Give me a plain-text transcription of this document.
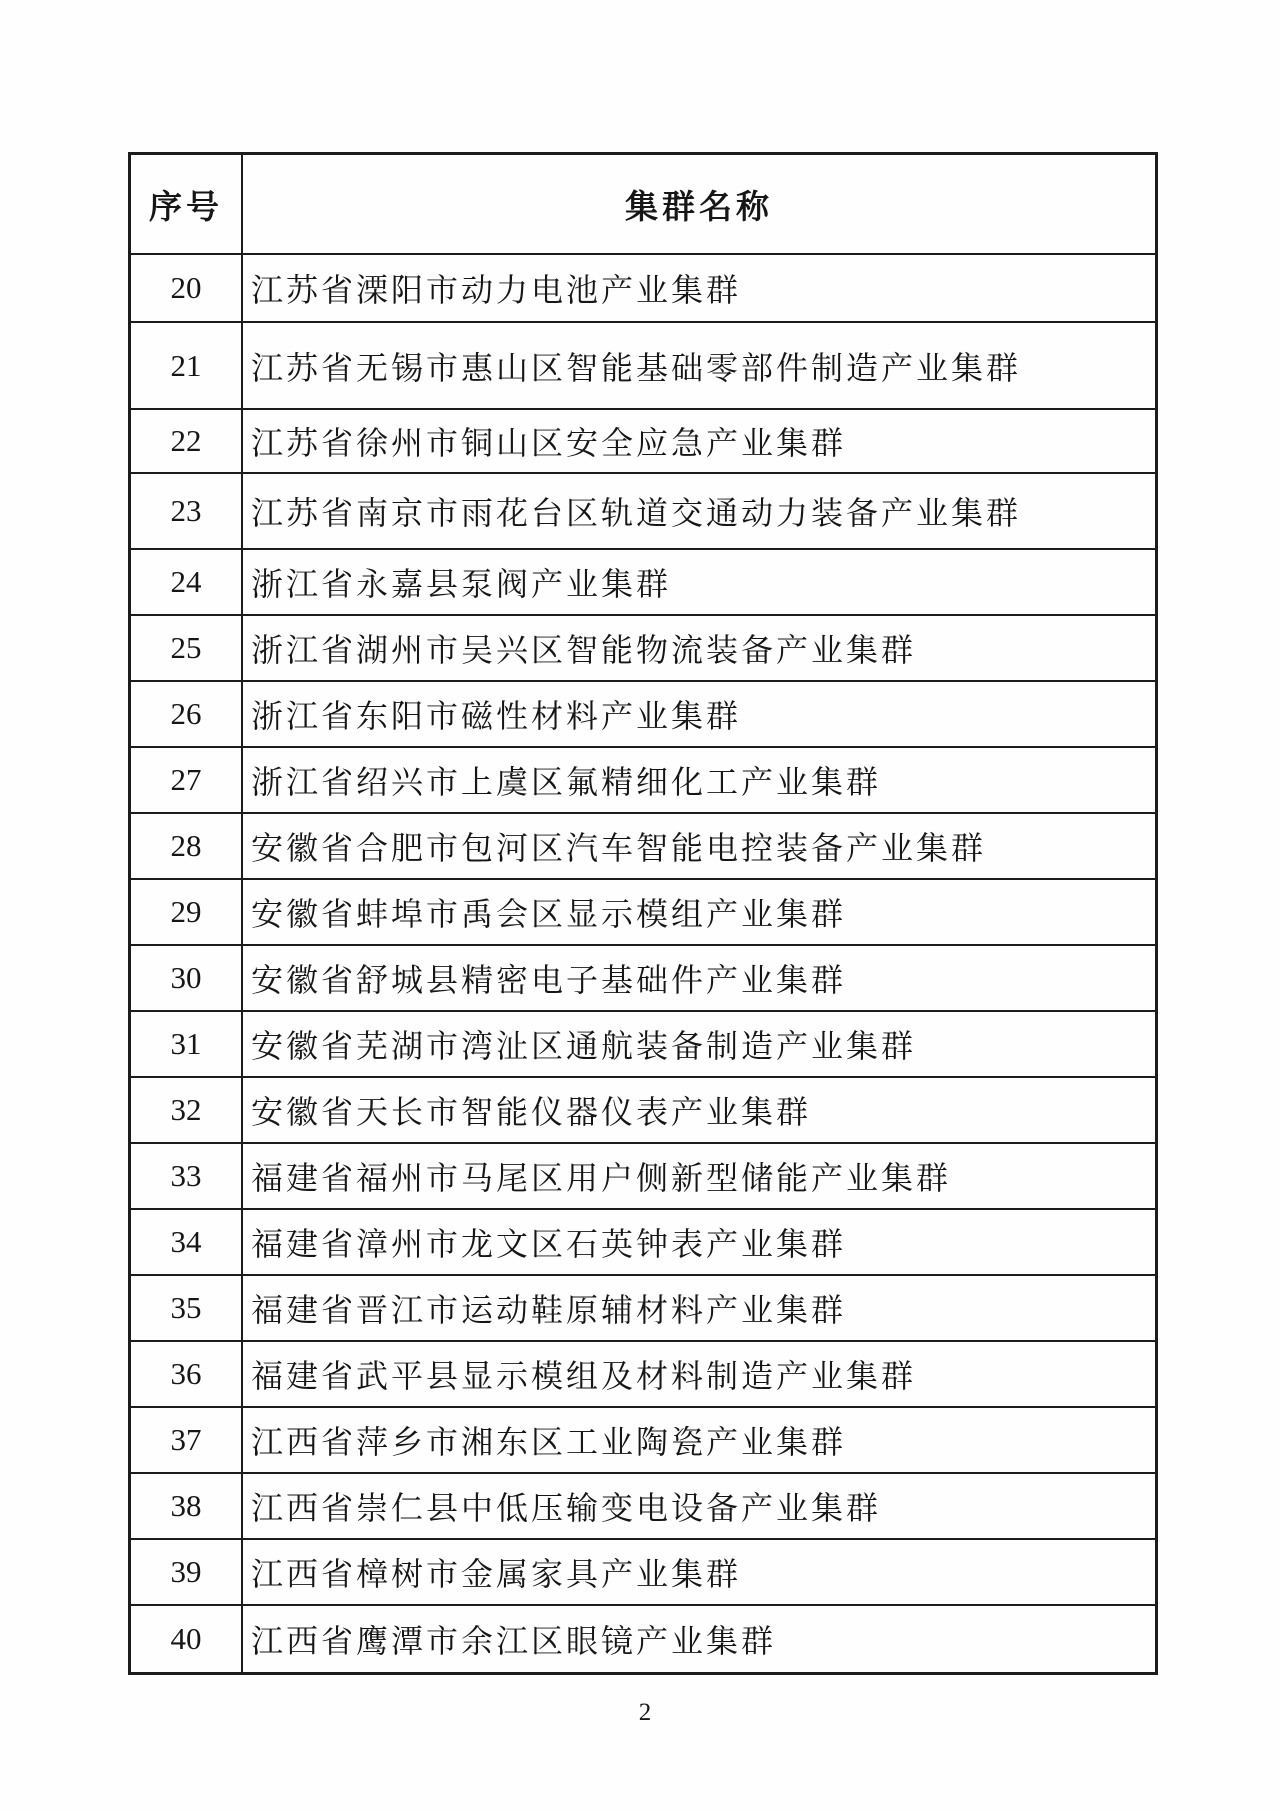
序号	集群名称
20 江苏省溧阳市动力电池产业集群
21 江苏省无锡市惠山区智能基础零部件制造产业集群
22 江苏省徐州市铜山区安全应急产业集群
23 江苏省南京市雨花台区轨道交通动力装备产业集群
24 浙江省永嘉县泵阀产业集群
25 浙江省湖州市吴兴区智能物流装备产业集群
26 浙江省东阳市磁性材料产业集群
27 浙江省绍兴市上虞区氟精细化工产业集群
28 安徽省合肥市包河区汽车智能电控装备产业集群
29 安徽省蚌埠市禹会区显示模组产业集群
30 安徽省舒城县精密电子基础件产业集群
31 安徽省芜湖市湾沚区通航装备制造产业集群
32 安徽省天长市智能仪器仪表产业集群
33 福建省福州市马尾区用户侧新型储能产业集群
34 福建省漳州市龙文区石英钟表产业集群
35 福建省晋江市运动鞋原辅材料产业集群
36 福建省武平县显示模组及材料制造产业集群
37 江西省萍乡市湘东区工业陶瓷产业集群
38 江西省崇仁县中低压输变电设备产业集群
39 江西省樟树市金属家具产业集群
40 江西省鹰潭市余江区眼镜产业集群
2
